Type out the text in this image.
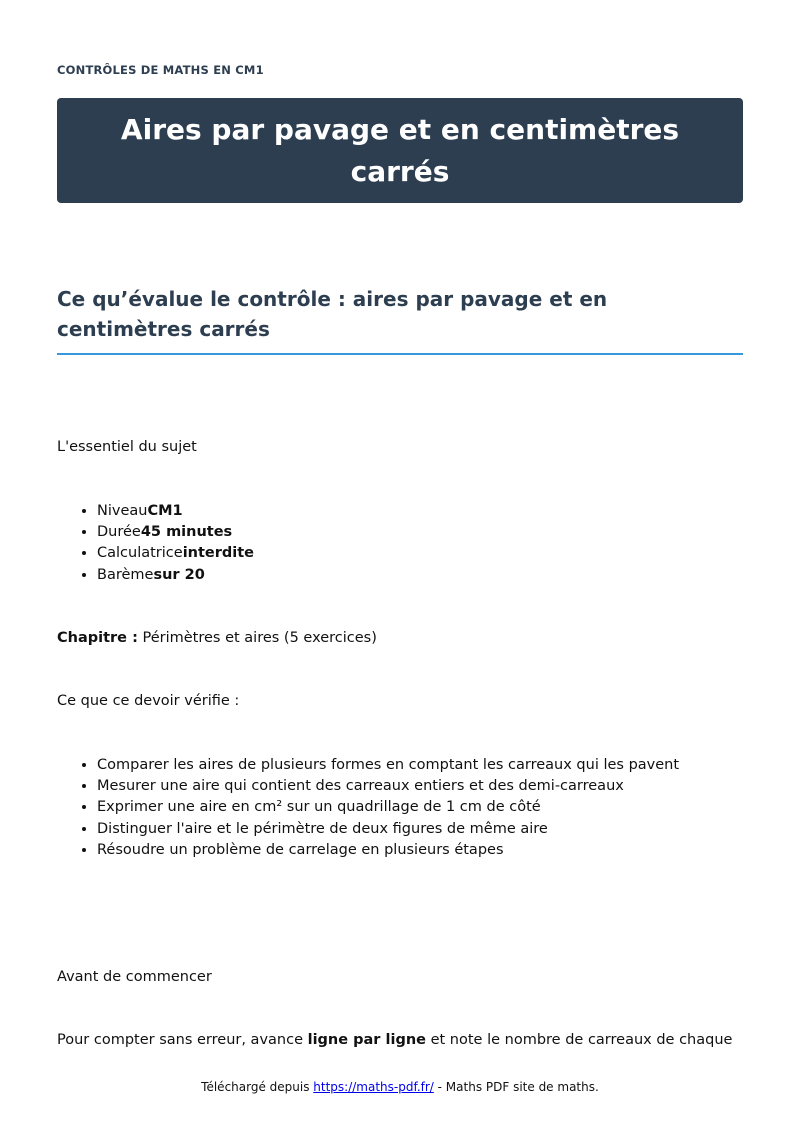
CONTRÔLES DE MATHS EN CM1
Aires par pavage et en centimètres carrés
Ce qu’évalue le contrôle : aires par pavage et en centimètres carrés

L'essentiel du sujet

• NiveauCM1
• Durée45 minutes
• Calculatriceinterdite
• Barèmesur 20

Chapitre : Périmètres et aires (5 exercices)

Ce que ce devoir vérifie :

• Comparer les aires de plusieurs formes en comptant les carreaux qui les pavent
• Mesurer une aire qui contient des carreaux entiers et des demi-carreaux
• Exprimer une aire en cm² sur un quadrillage de 1 cm de côté
• Distinguer l'aire et le périmètre de deux figures de même aire
• Résoudre un problème de carrelage en plusieurs étapes

Avant de commencer

Pour compter sans erreur, avance ligne par ligne et note le nombre de carreaux de chaque

Téléchargé depuis https://maths-pdf.fr/ - Maths PDF site de maths.
